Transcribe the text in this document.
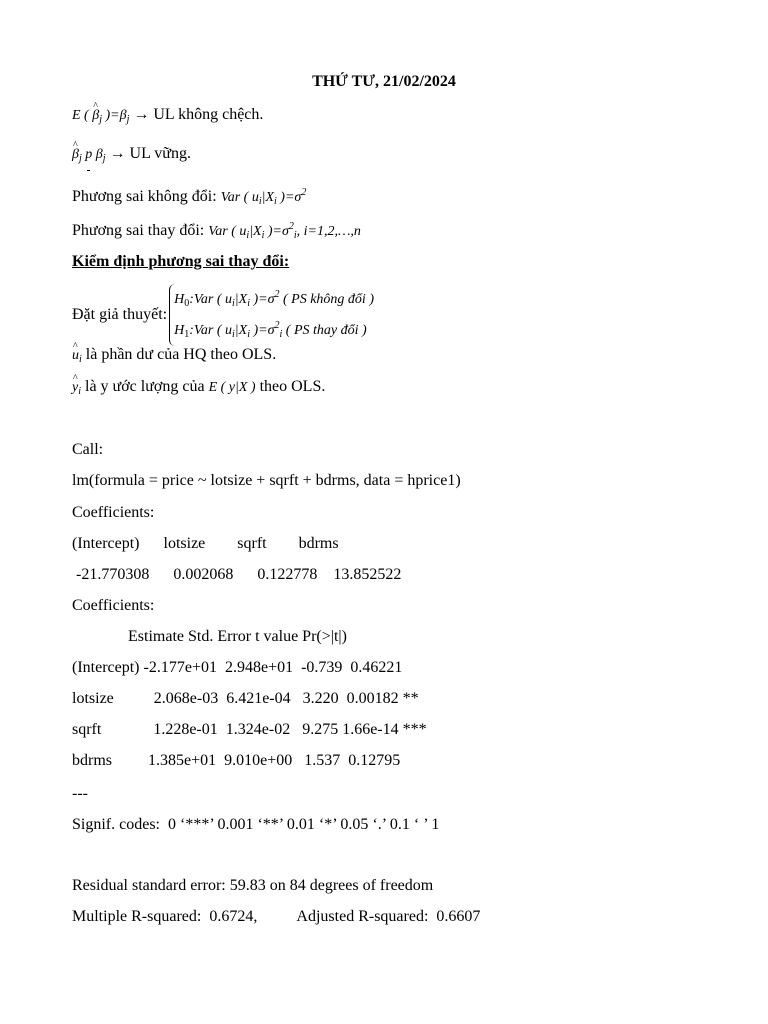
THỨ TƯ, 21/02/2024
E ( ^ $\beta_j$ )$=\beta_j$ → UL không chệch.
^ $\beta_j$ p $\beta_j$ → UL vững.
Phương sai không đổi: Var ( $u_i|X_i$ )$=\sigma^2$
Phương sai thay đổi: Var ( $u_i|X_i$ )$=\sigma^2_i$, i=1,2,…,n
Kiểm định phương sai thay đổi:
Đặt giả $thuyết:H_0:Var$ ( $u_i|X_i$ )$=\sigma^2$ ( PS không đổi )
$H_1:Var$ ( $u_i|X_i$ )$=\sigma^2_i$ ( PS thay đổi )
^ $u_i$ là phần dư của HQ theo OLS.
^ $y_i$ là y ước lượng của E ( y|X ) theo OLS.
Call:
lm(formula = price ~ lotsize + sqrft + bdrms, data = hprice1)
Coefficients:
(Intercept)      lotsize        sqrft        bdrms
-21.770308      0.002068      0.122778    13.852522
Coefficients:
Estimate Std. Error t value Pr(>|t|)
(Intercept) -2.177e+01  2.948e+01  -0.739  0.46221
lotsize          2.068e-03  6.421e-04   3.220  0.00182 **
sqrft             1.228e-01  1.324e-02   9.275 1.66e-14 ***
bdrms         1.385e+01  9.010e+00   1.537  0.12795
---
Signif. codes:  0 ‘***’ 0.001 ‘**’ 0.01 ‘*’ 0.05 ‘.’ 0.1 ‘ ’ 1
Residual standard error: 59.83 on 84 degrees of freedom
Multiple R-squared:  0.6724,          Adjusted R-squared:  0.6607
